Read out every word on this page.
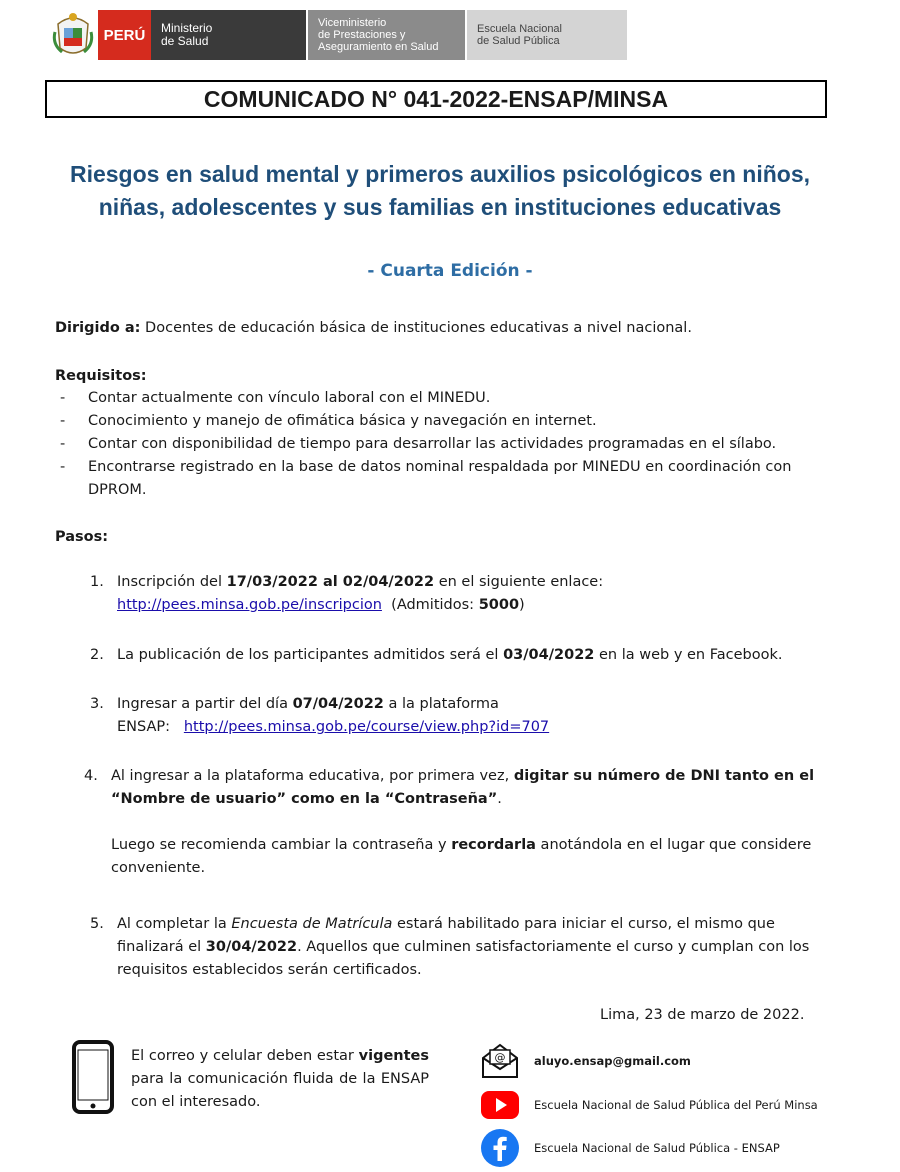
PERÚ Ministerio
de Salud
Viceministerio
de Prestaciones y
Aseguramiento en Salud
Escuela Nacional
de Salud Pública
COMUNICADO N° 041-2022-ENSAP/MINSA
Riesgos en salud mental y primeros auxilios psicológicos en niños, niñas, adolescentes y sus familias en instituciones educativas
- Cuarta Edición -
Dirigido a: Docentes de educación básica de instituciones educativas a nivel nacional.
Requisitos:
- Contar actualmente con vínculo laboral con el MINEDU.
- Conocimiento y manejo de ofimática básica y navegación en internet.
- Contar con disponibilidad de tiempo para desarrollar las actividades programadas en el sílabo.
- Encontrarse registrado en la base de datos nominal respaldada por MINEDU en coordinación con DPROM.
Pasos:
1. Inscripción del 17/03/2022 al 02/04/2022 en el siguiente enlace:
http://pees.minsa.gob.pe/inscripcion  (Admitidos: 5000)
2. La publicación de los participantes admitidos será el 03/04/2022 en la web y en Facebook.
3. Ingresar a partir del día 07/04/2022 a la plataforma
ENSAP:   http://pees.minsa.gob.pe/course/view.php?id=707
4. Al ingresar a la plataforma educativa, por primera vez, digitar su número de DNI tanto en el “Nombre de usuario” como en la “Contraseña”.
Luego se recomienda cambiar la contraseña y recordarla anotándola en el lugar que considere conveniente.
5. Al completar la Encuesta de Matrícula estará habilitado para iniciar el curso, el mismo que finalizará el 30/04/2022. Aquellos que culminen satisfactoriamente el curso y cumplan con los requisitos establecidos serán certificados.
Lima, 23 de marzo de 2022.
El correo y celular deben estar vigentes para la comunicación fluida de la ENSAP con el interesado.
@ aluyo.ensap@gmail.com
Escuela Nacional de Salud Pública del Perú Minsa
Escuela Nacional de Salud Pública - ENSAP
